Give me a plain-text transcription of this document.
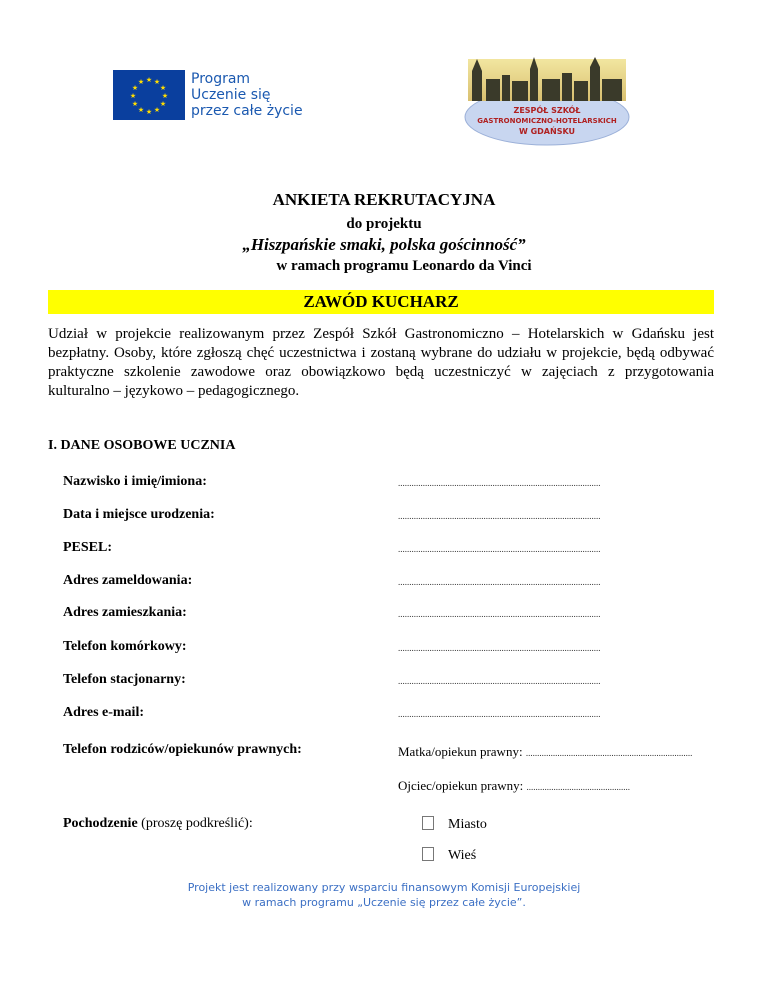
★ ★
★
★
★
★
★
★
★
★
★
★	Program
Uczenie się
przez całe życie	ZESPÓŁ SZKÓŁ
GASTRONOMICZNO-HOTELARSKICH
W GDAŃSKU
ANKIETA REKRUTACYJNA
do projektu
„Hiszpańskie smaki, polska gościnność”
w ramach programu Leonardo da Vinci
ZAWÓD KUCHARZ
Udział w projekcie realizowanym przez Zespół Szkół Gastronomiczno – Hotelarskich w Gdańsku jest bezpłatny. Osoby, które zgłoszą chęć uczestnictwa i zostaną wybrane do udziału w projekcie, będą odbywać praktyczne szkolenie zawodowe oraz obowiązkowo będą uczestniczyć w zajęciach z przygotowania kulturalno – językowo – pedagogicznego.
I. DANE OSOBOWE UCZNIA
Nazwisko i imię/imiona:	..........................................................................................
Data i miejsce urodzenia:	..........................................................................................
PESEL:	..........................................................................................
Adres zameldowania:	..........................................................................................
Adres zamieszkania:	..........................................................................................
Telefon komórkowy:	..........................................................................................
Telefon stacjonarny:	..........................................................................................
Adres e-mail:	..........................................................................................
Telefon rodziców/opiekunów prawnych:	Matka/opiekun prawny: ..........................................................................
Ojciec/opiekun prawny: ..............................................
Pochodzenie (proszę podkreślić):	Miasto
Wieś
Projekt jest realizowany przy wsparciu finansowym Komisji Europejskiej
w ramach programu „Uczenie się przez całe życie”.
